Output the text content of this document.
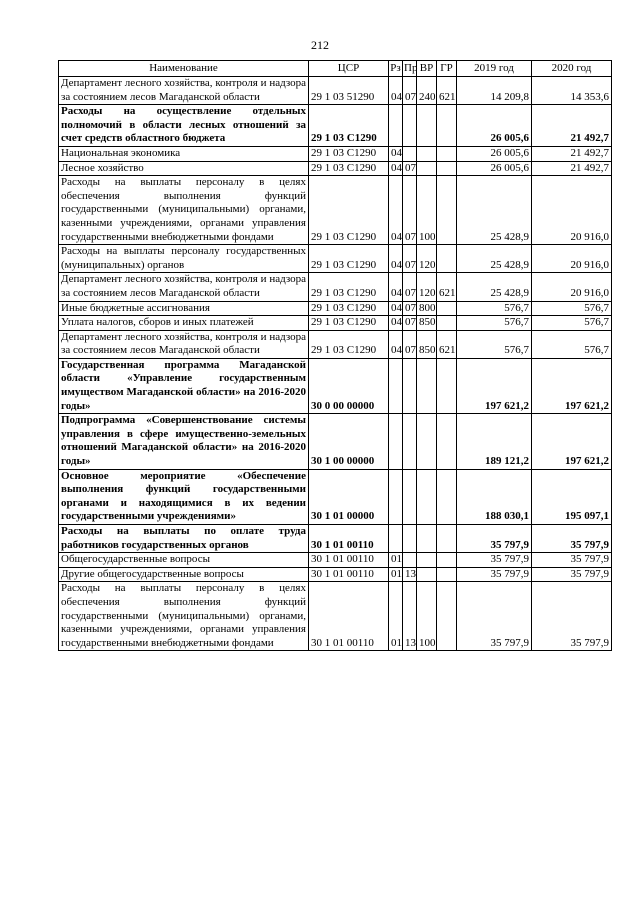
212
Наименование	ЦСР	Рз	Пр	ВР	ГР	2019 год	2020 год
Департамент лесного хозяйства, контроля и надзора за состоянием лесов Магаданской области	29 1 03 51290	04	07	240	621	14 209,8	14 353,6
Расходы на осуществление отдельных полномочий в области лесных отношений за счет средств областного бюджета	29 1 03 С1290					26 005,6	21 492,7
Национальная экономика	29 1 03 С1290	04				26 005,6	21 492,7
Лесное хозяйство	29 1 03 С1290	04	07			26 005,6	21 492,7
Расходы на выплаты персоналу в целях обеспечения выполнения функций государственными (муниципальными) органами, казенными учреждениями, органами управления государственными внебюджетными фондами	29 1 03 С1290	04	07	100		25 428,9	20 916,0
Расходы на выплаты персоналу государственных (муниципальных) органов	29 1 03 С1290	04	07	120		25 428,9	20 916,0
Департамент лесного хозяйства, контроля и надзора за состоянием лесов Магаданской области	29 1 03 С1290	04	07	120	621	25 428,9	20 916,0
Иные бюджетные ассигнования	29 1 03 С1290	04	07	800		576,7	576,7
Уплата налогов, сборов и иных платежей	29 1 03 С1290	04	07	850		576,7	576,7
Департамент лесного хозяйства, контроля и надзора за состоянием лесов Магаданской области	29 1 03 С1290	04	07	850	621	576,7	576,7
Государственная программа Магаданской области «Управление государственным имуществом Магаданской области» на 2016-2020 годы»	30 0 00 00000					197 621,2	197 621,2
Подпрограмма «Совершенствование системы управления в сфере имущественно-земельных отношений Магаданской области» на 2016-2020 годы»	30 1 00 00000					189 121,2	197 621,2
Основное мероприятие «Обеспечение выполнения функций государственными органами и находящимися в их ведении государственными учреждениями»	30 1 01 00000					188 030,1	195 097,1
Расходы на выплаты по оплате труда работников государственных органов	30 1 01 00110					35 797,9	35 797,9
Общегосударственные вопросы	30 1 01 00110	01				35 797,9	35 797,9
Другие общегосударственные вопросы	30 1 01 00110	01	13			35 797,9	35 797,9
Расходы на выплаты персоналу в целях обеспечения выполнения функций государственными (муниципальными) органами, казенными учреждениями, органами управления государственными внебюджетными фондами	30 1 01 00110	01	13	100		35 797,9	35 797,9
